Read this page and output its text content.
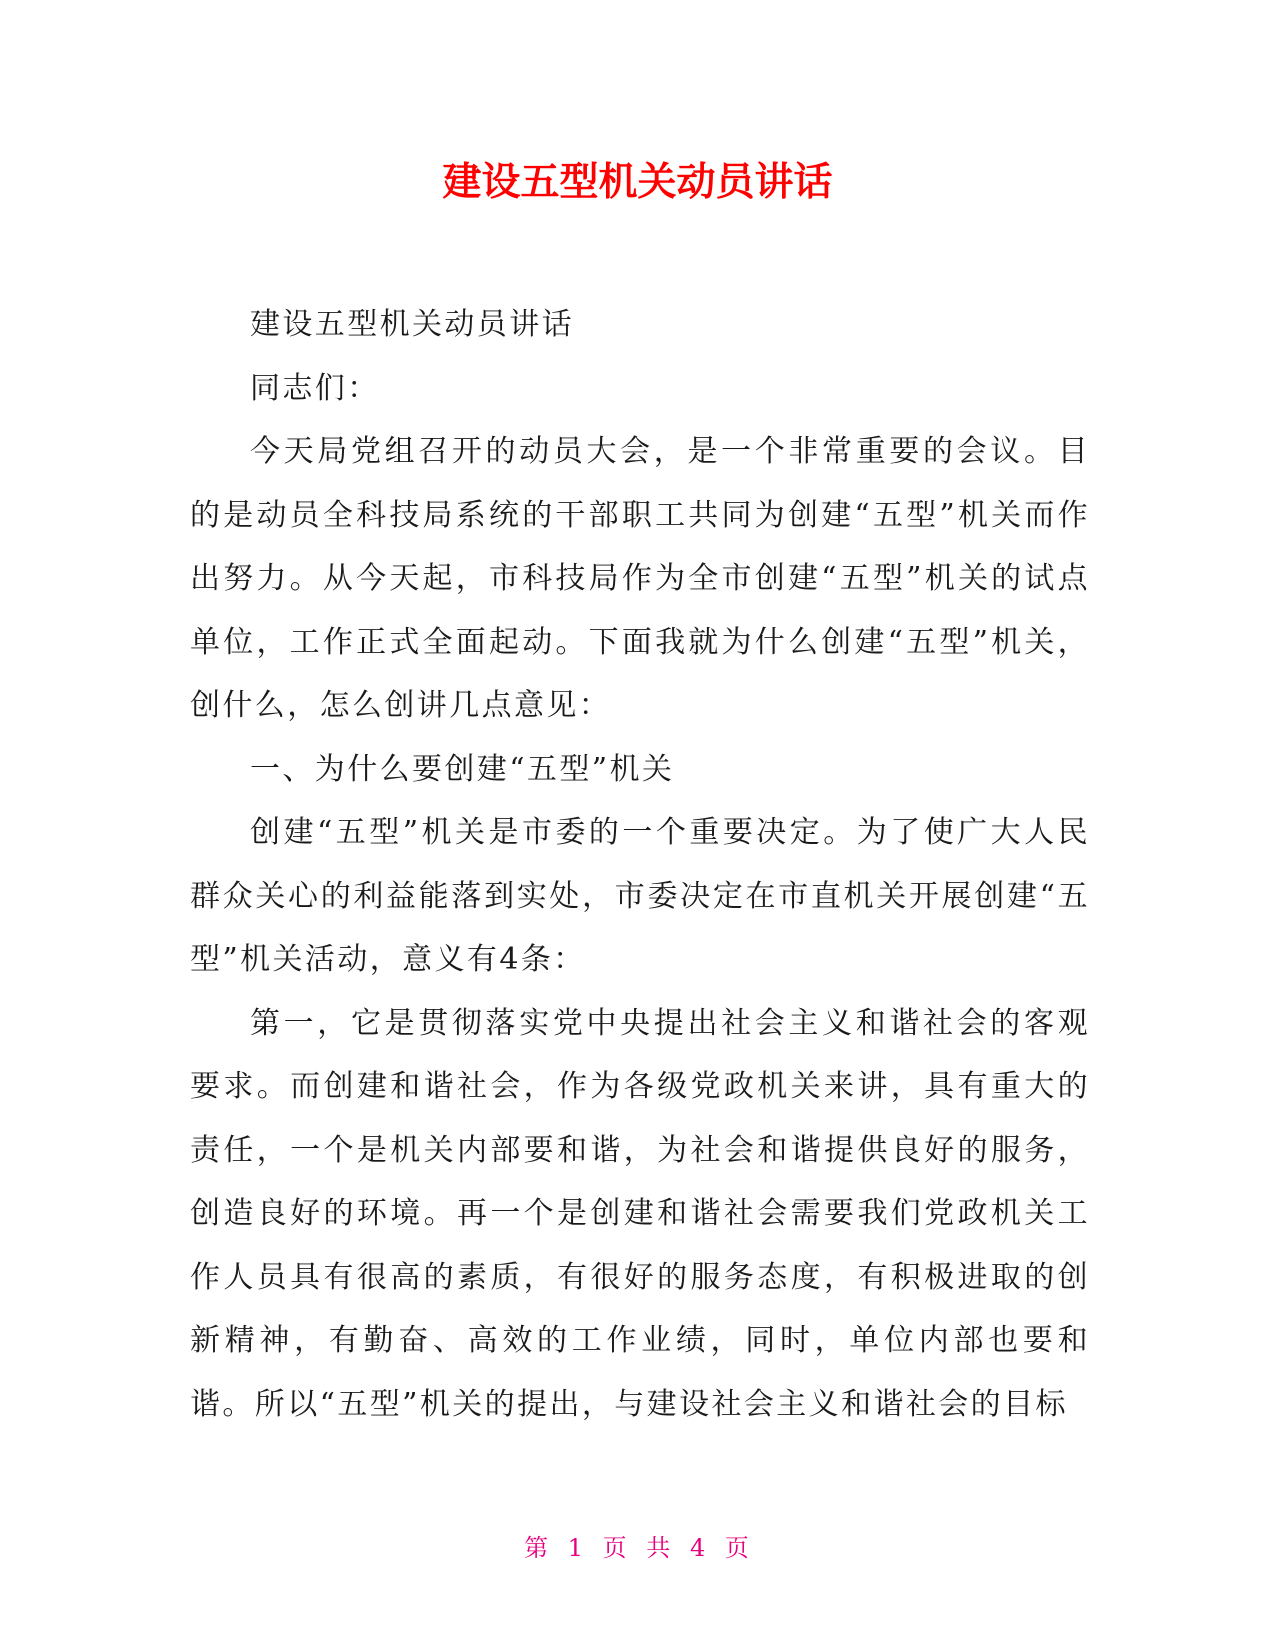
建设五型机关动员讲话

建设五型机关动员讲话

同志们：

今天局党组召开的动员大会，是一个非常重要的会议。目的是动员全科技局系统的干部职工共同为创建“五型”机关而作出努力。从今天起，市科技局作为全市创建“五型”机关的试点单位，工作正式全面起动。下面我就为什么创建“五型”机关，创什么，怎么创讲几点意见：

一、为什么要创建“五型”机关

创建“五型”机关是市委的一个重要决定。为了使广大人民群众关心的利益能落到实处，市委决定在市直机关开展创建“五型”机关活动，意义有4条：

第一，它是贯彻落实党中央提出社会主义和谐社会的客观要求。而创建和谐社会，作为各级党政机关来讲，具有重大的责任，一个是机关内部要和谐，为社会和谐提供良好的服务，创造良好的环境。再一个是创建和谐社会需要我们党政机关工作人员具有很高的素质，有很好的服务态度，有积极进取的创新精神，有勤奋、高效的工作业绩，同时，单位内部也要和谐。所以“五型”机关的提出，与建设社会主义和谐社会的目标

第 1 页 共 4 页
